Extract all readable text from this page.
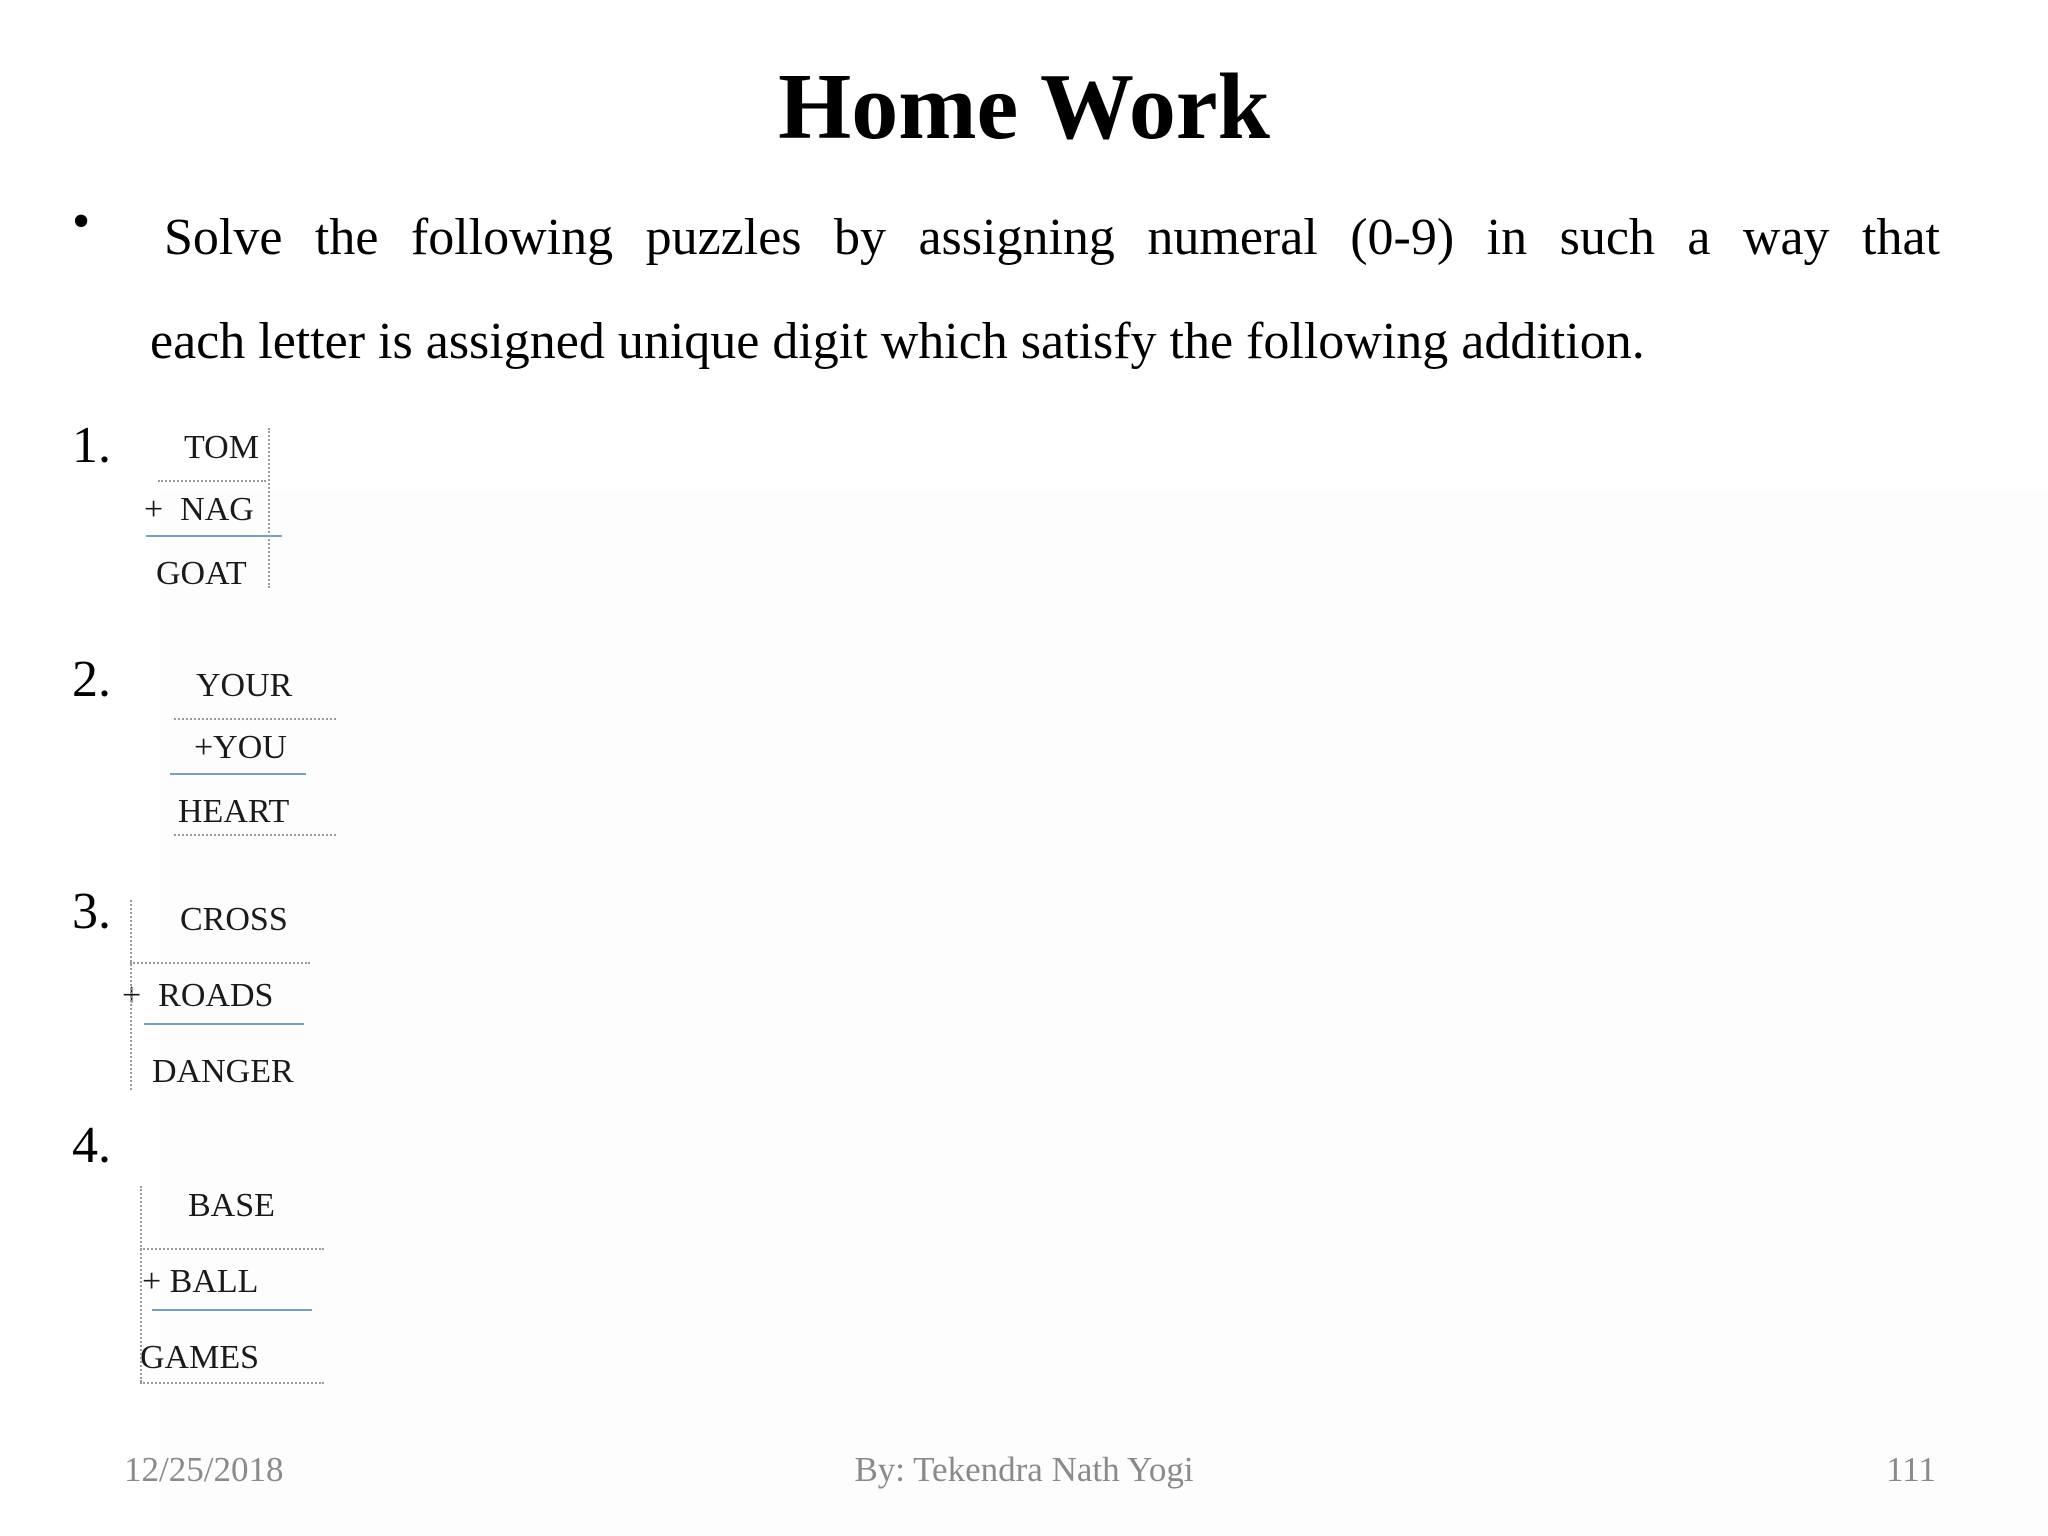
Home Work
• Solve the following puzzles by assigning numeral (0-9) in such a way that
each letter is assigned unique digit which satisfy the following addition.
1. TOM
+  NAG
GOAT
2.	YOUR
+YOU
HEART
3. CROSS
+  ROADS
DANGER
4.
BASE
+ BALL
GAMES
12/25/2018	By: Tekendra Nath Yogi	111
